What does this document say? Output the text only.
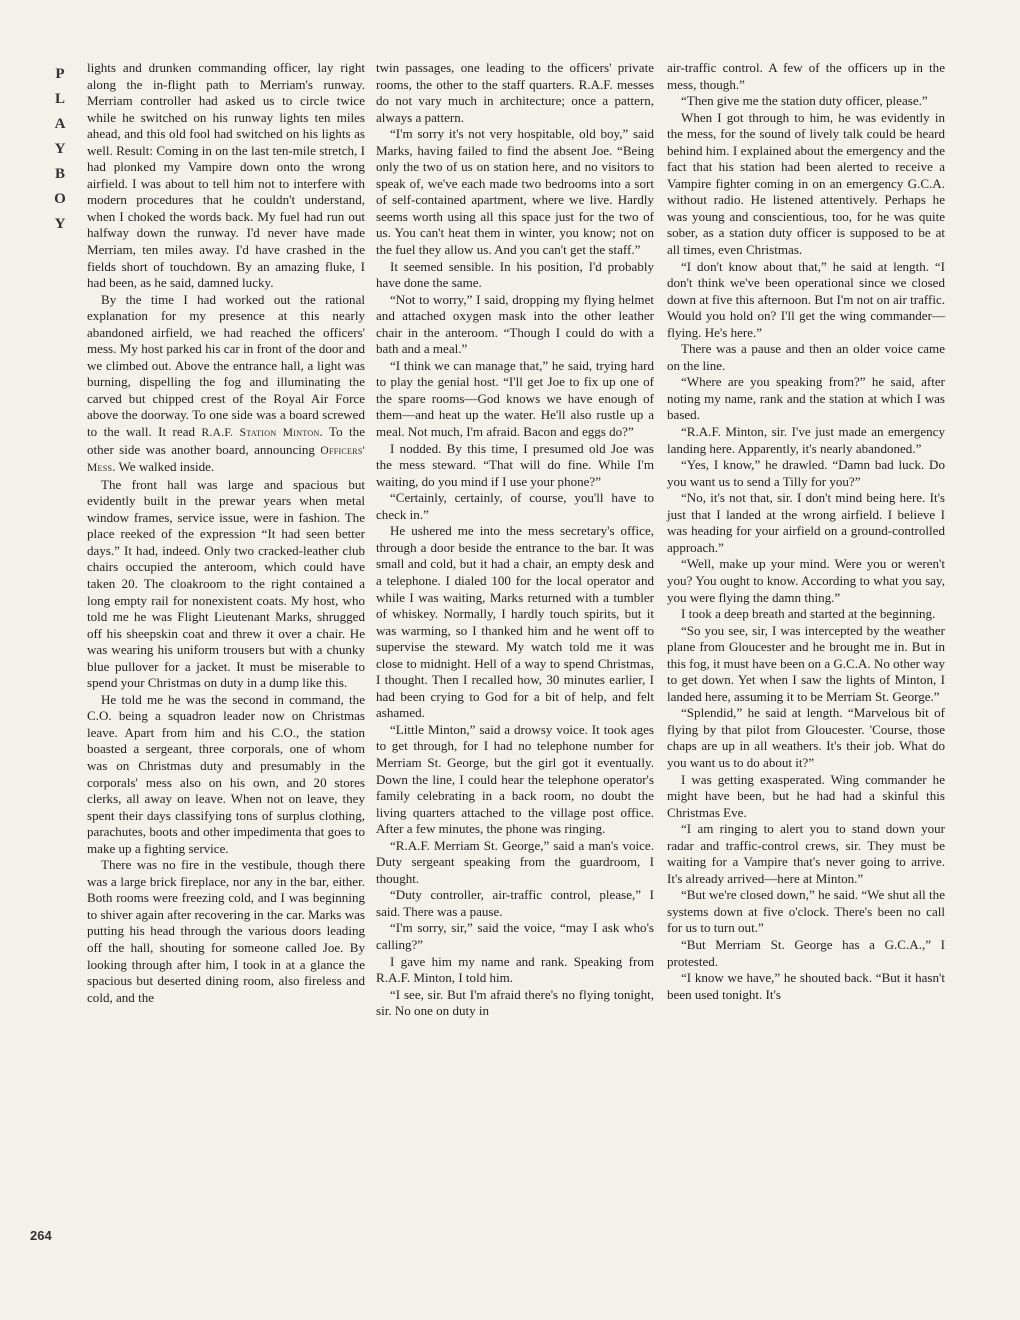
P
L
A
Y
B
O
Y

lights and drunken commanding officer, lay right along the in-flight path to Merriam's runway. Merriam controller had asked us to circle twice while he switched on his runway lights ten miles ahead, and this old fool had switched on his lights as well. Result: Coming in on the last ten-mile stretch, I had plonked my Vampire down onto the wrong airfield. I was about to tell him not to interfere with modern procedures that he couldn't understand, when I choked the words back. My fuel had run out halfway down the runway. I'd never have made Merriam, ten miles away. I'd have crashed in the fields short of touchdown. By an amazing fluke, I had been, as he said, damned lucky.

By the time I had worked out the rational explanation for my presence at this nearly abandoned airfield, we had reached the officers' mess. My host parked his car in front of the door and we climbed out. Above the entrance hall, a light was burning, dispelling the fog and illuminating the carved but chipped crest of the Royal Air Force above the doorway. To one side was a board screwed to the wall. It read R.A.F. Station Minton. To the other side was another board, announcing Officers' Mess. We walked inside.

The front hall was large and spacious but evidently built in the prewar years when metal window frames, service issue, were in fashion. The place reeked of the expression “It had seen better days.” It had, indeed. Only two cracked-leather club chairs occupied the anteroom, which could have taken 20. The cloakroom to the right contained a long empty rail for nonexistent coats. My host, who told me he was Flight Lieutenant Marks, shrugged off his sheepskin coat and threw it over a chair. He was wearing his uniform trousers but with a chunky blue pullover for a jacket. It must be miserable to spend your Christmas on duty in a dump like this.

He told me he was the second in command, the C.O. being a squadron leader now on Christmas leave. Apart from him and his C.O., the station boasted a sergeant, three corporals, one of whom was on Christmas duty and presumably in the corporals' mess also on his own, and 20 stores clerks, all away on leave. When not on leave, they spent their days classifying tons of surplus clothing, parachutes, boots and other impedimenta that goes to make up a fighting service.

There was no fire in the vestibule, though there was a large brick fireplace, nor any in the bar, either. Both rooms were freezing cold, and I was beginning to shiver again after recovering in the car. Marks was putting his head through the various doors leading off the hall, shouting for someone called Joe. By looking through after him, I took in at a glance the spacious but deserted dining room, also fireless and cold, and the

twin passages, one leading to the officers' private rooms, the other to the staff quarters. R.A.F. messes do not vary much in architecture; once a pattern, always a pattern.

“I'm sorry it's not very hospitable, old boy,” said Marks, having failed to find the absent Joe. “Being only the two of us on station here, and no visitors to speak of, we've each made two bedrooms into a sort of self-contained apartment, where we live. Hardly seems worth using all this space just for the two of us. You can't heat them in winter, you know; not on the fuel they allow us. And you can't get the staff.”

It seemed sensible. In his position, I'd probably have done the same.

“Not to worry,” I said, dropping my flying helmet and attached oxygen mask into the other leather chair in the anteroom. “Though I could do with a bath and a meal.”

“I think we can manage that,” he said, trying hard to play the genial host. “I'll get Joe to fix up one of the spare rooms—God knows we have enough of them—and heat up the water. He'll also rustle up a meal. Not much, I'm afraid. Bacon and eggs do?”

I nodded. By this time, I presumed old Joe was the mess steward. “That will do fine. While I'm waiting, do you mind if I use your phone?”

“Certainly, certainly, of course, you'll have to check in.”

He ushered me into the mess secretary's office, through a door beside the entrance to the bar. It was small and cold, but it had a chair, an empty desk and a telephone. I dialed 100 for the local operator and while I was waiting, Marks returned with a tumbler of whiskey. Normally, I hardly touch spirits, but it was warming, so I thanked him and he went off to supervise the steward. My watch told me it was close to midnight. Hell of a way to spend Christmas, I thought. Then I recalled how, 30 minutes earlier, I had been crying to God for a bit of help, and felt ashamed.

“Little Minton,” said a drowsy voice. It took ages to get through, for I had no telephone number for Merriam St. George, but the girl got it eventually. Down the line, I could hear the telephone operator's family celebrating in a back room, no doubt the living quarters attached to the village post office. After a few minutes, the phone was ringing.

“R.A.F. Merriam St. George,” said a man's voice. Duty sergeant speaking from the guardroom, I thought.

“Duty controller, air-traffic control, please,” I said. There was a pause.

“I'm sorry, sir,” said the voice, “may I ask who's calling?”

I gave him my name and rank. Speaking from R.A.F. Minton, I told him.

“I see, sir. But I'm afraid there's no flying tonight, sir. No one on duty in

air-traffic control. A few of the officers up in the mess, though.”

“Then give me the station duty officer, please.”

When I got through to him, he was evidently in the mess, for the sound of lively talk could be heard behind him. I explained about the emergency and the fact that his station had been alerted to receive a Vampire fighter coming in on an emergency G.C.A. without radio. He listened attentively. Perhaps he was young and conscientious, too, for he was quite sober, as a station duty officer is supposed to be at all times, even Christmas.

“I don't know about that,” he said at length. “I don't think we've been operational since we closed down at five this afternoon. But I'm not on air traffic. Would you hold on? I'll get the wing commander—flying. He's here.”

There was a pause and then an older voice came on the line.

“Where are you speaking from?” he said, after noting my name, rank and the station at which I was based.

“R.A.F. Minton, sir. I've just made an emergency landing here. Apparently, it's nearly abandoned.”

“Yes, I know,” he drawled. “Damn bad luck. Do you want us to send a Tilly for you?”

“No, it's not that, sir. I don't mind being here. It's just that I landed at the wrong airfield. I believe I was heading for your airfield on a ground-controlled approach.”

“Well, make up your mind. Were you or weren't you? You ought to know. According to what you say, you were flying the damn thing.”

I took a deep breath and started at the beginning.

“So you see, sir, I was intercepted by the weather plane from Gloucester and he brought me in. But in this fog, it must have been on a G.C.A. No other way to get down. Yet when I saw the lights of Minton, I landed here, assuming it to be Merriam St. George.”

“Splendid,” he said at length. “Marvelous bit of flying by that pilot from Gloucester. 'Course, those chaps are up in all weathers. It's their job. What do you want us to do about it?”

I was getting exasperated. Wing commander he might have been, but he had had a skinful this Christmas Eve.

“I am ringing to alert you to stand down your radar and traffic-control crews, sir. They must be waiting for a Vampire that's never going to arrive. It's already arrived—here at Minton.”

“But we're closed down,” he said. “We shut all the systems down at five o'clock. There's been no call for us to turn out.”

“But Merriam St. George has a G.C.A.,” I protested.

“I know we have,” he shouted back. “But it hasn't been used tonight. It's

264
